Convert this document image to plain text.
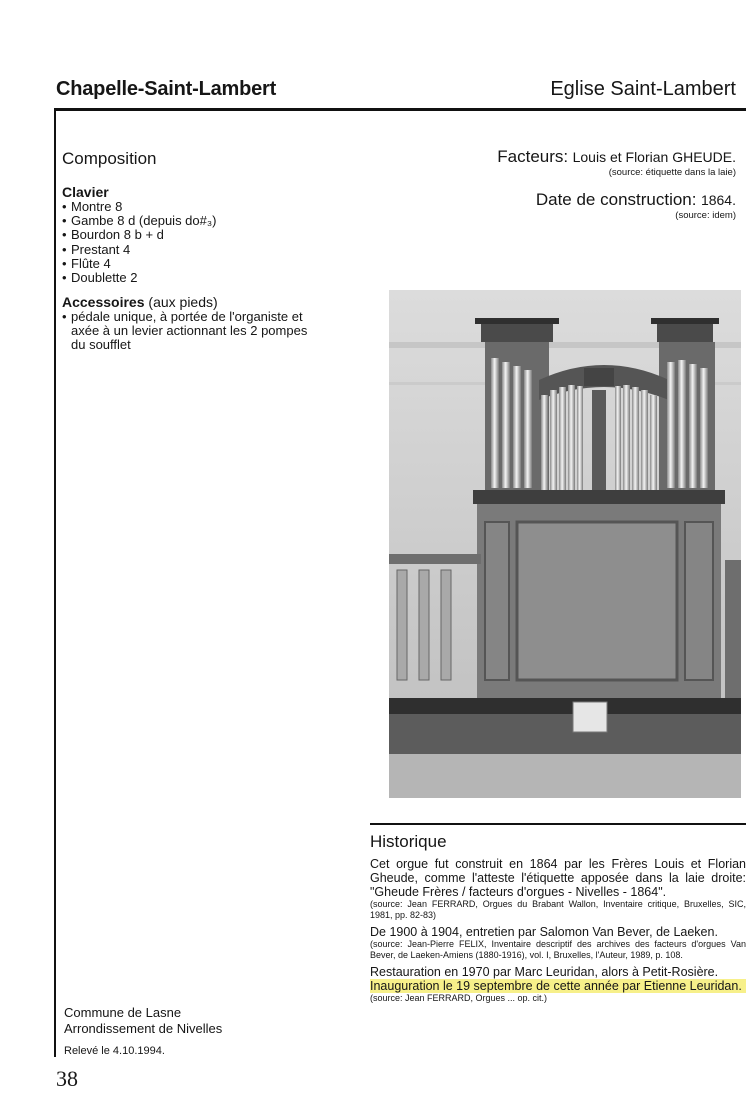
Chapelle-Saint-Lambert	Eglise Saint-Lambert
Composition
Clavier
• Montre 8
• Gambe 8 d (depuis do#₃)
• Bourdon 8 b + d
• Prestant 4
• Flûte 4
• Doublette 2
Accessoires (aux pieds)
• pédale unique, à portée de l'organiste et axée à un levier actionnant les 2 pompes du soufflet
Facteurs: Louis et Florian GHEUDE.
(source: étiquette dans la laie)
Date de construction: 1864.
(source: idem)
Historique
Cet orgue fut construit en 1864 par les Frères Louis et Florian Gheude, comme l'atteste l'étiquette apposée dans la laie droite: "Gheude Frères / facteurs d'orgues - Nivelles - 1864".
(source: Jean FERRARD, Orgues du Brabant Wallon, Inventaire critique, Bruxelles, SIC, 1981, pp. 82-83)
De 1900 à 1904, entretien par Salomon Van Bever, de Laeken.
(source: Jean-Pierre FELIX, Inventaire descriptif des archives des facteurs d'orgues Van Bever, de Laeken-Amiens (1880-1916), vol. I, Bruxelles, l'Auteur, 1989, p. 108.
Restauration en 1970 par Marc Leuridan, alors à Petit-Rosière.
Inauguration le 19 septembre de cette année par Etienne Leuridan.
(source: Jean FERRARD, Orgues ... op. cit.)
Commune de Lasne
Arrondissement de Nivelles
Relevé le 4.10.1994.
38
